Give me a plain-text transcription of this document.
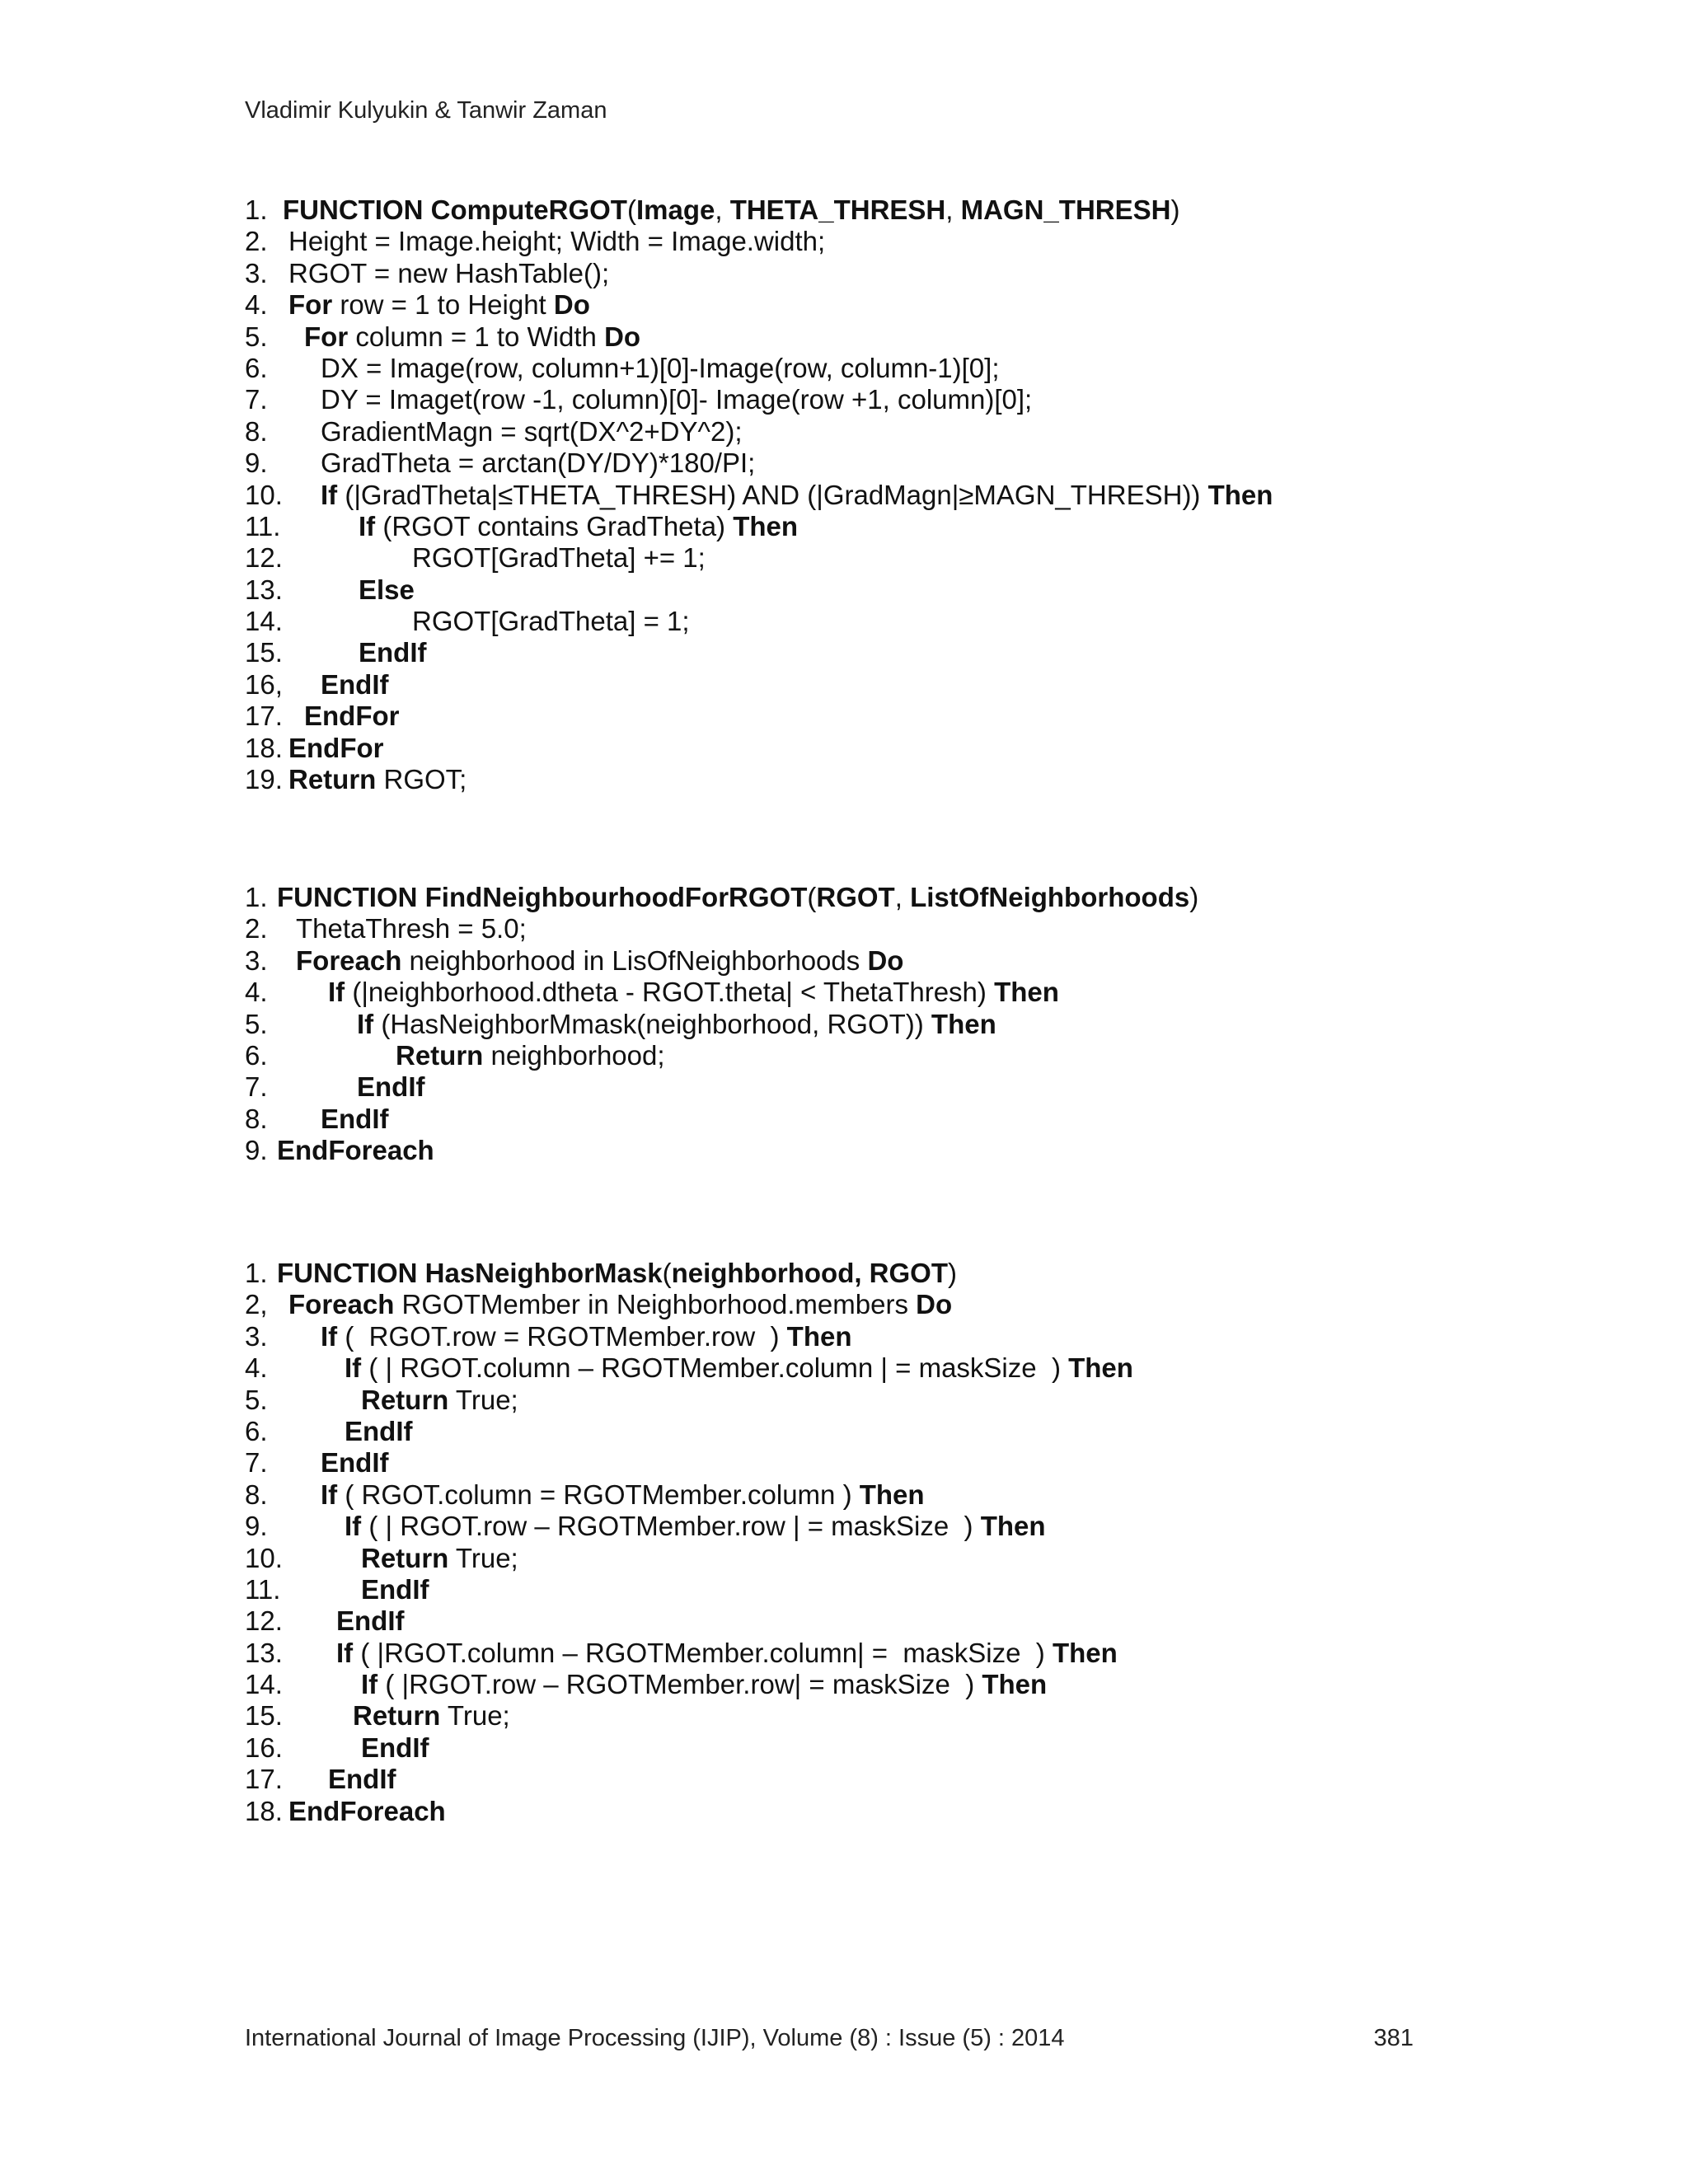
Vladimir Kulyukin & Tanwir Zaman
1. FUNCTION ComputeRGOT(Image, THETA_THRESH, MAGN_THRESH)
2. Height = Image.height; Width = Image.width;
3. RGOT = new HashTable();
4. For row = 1 to Height Do
5. For column = 1 to Width Do
6. DX = Image(row, column+1)[0]-Image(row, column-1)[0];
7. DY = Imaget(row -1, column)[0]- Image(row +1, column)[0];
8. GradientMagn = sqrt(DX^2+DY^2);
9. GradTheta = arctan(DY/DY)*180/PI;
10. If (|GradTheta|≤THETA_THRESH) AND (|GradMagn|≥MAGN_THRESH)) Then
11.	If (RGOT contains GradTheta) Then
12.	RGOT[GradTheta] += 1;
13.	Else
14.	RGOT[GradTheta] = 1;
15.	EndIf
16, EndIf
17. EndFor
18. EndFor
19. Return RGOT;
1. FUNCTION FindNeighbourhoodForRGOT(RGOT, ListOfNeighborhoods)
2. ThetaThresh = 5.0;
3. Foreach neighborhood in LisOfNeighborhoods Do
4. If (|neighborhood.dtheta - RGOT.theta| < ThetaThresh) Then
5.	If (HasNeighborMmask(neighborhood, RGOT)) Then
6.	Return neighborhood;
7.	EndIf
8. EndIf
9. EndForeach
1. FUNCTION HasNeighborMask(neighborhood, RGOT)
2, Foreach RGOTMember in Neighborhood.members Do
3. If (  RGOT.row = RGOTMember.row  ) Then
4.	If ( | RGOT.column – RGOTMember.column | = maskSize  ) Then
5.	Return True;
6.	EndIf
7. EndIf
8. If ( RGOT.column = RGOTMember.column ) Then
9.	If ( | RGOT.row – RGOTMember.row | = maskSize  ) Then
10.	Return True;
11.	EndIf
12. EndIf
13. If ( |RGOT.column – RGOTMember.column| =  maskSize  ) Then
14.	If ( |RGOT.row – RGOTMember.row| = maskSize  ) Then
15.	Return True;
16.	EndIf
17. EndIf
18. EndForeach
International Journal of Image Processing (IJIP), Volume (8) : Issue (5) : 2014	381
